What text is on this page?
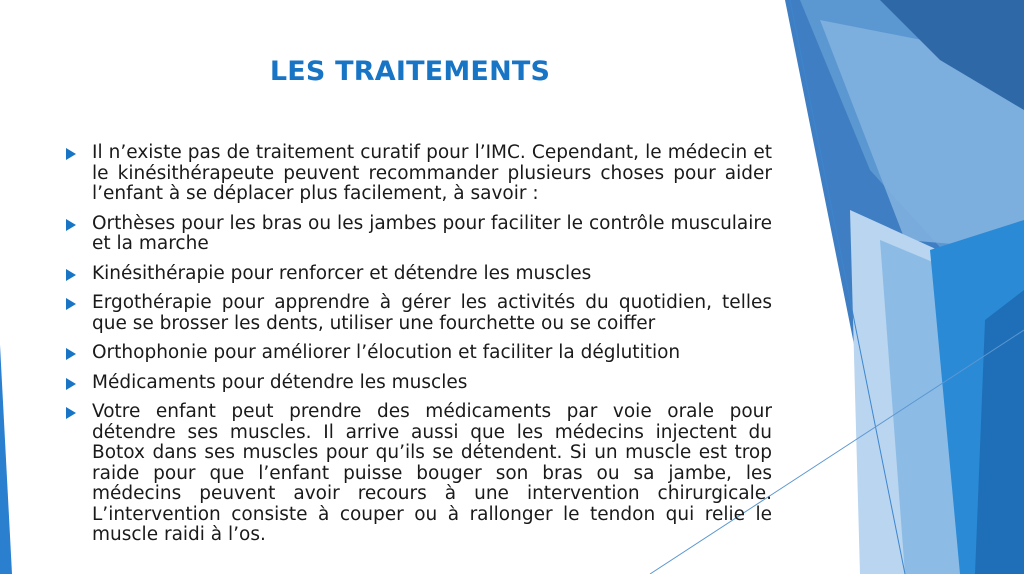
LES TRAITEMENTS
Il n’existe pas de traitement curatif pour l’IMC. Cependant, le médecin et le kinésithérapeute peuvent recommander plusieurs choses pour aider l’enfant à se déplacer plus facilement, à savoir :
Orthèses pour les bras ou les jambes pour faciliter le contrôle musculaire et la marche
Kinésithérapie pour renforcer et détendre les muscles
Ergothérapie pour apprendre à gérer les activités du quotidien, telles que se brosser les dents, utiliser une fourchette ou se coiffer
Orthophonie pour améliorer l’élocution et faciliter la déglutition
Médicaments pour détendre les muscles
Votre enfant peut prendre des médicaments par voie orale pour détendre ses muscles. Il arrive aussi que les médecins injectent du Botox dans ses muscles pour qu’ils se détendent. Si un muscle est trop raide pour que l’enfant puisse bouger son bras ou sa jambe, les médecins peuvent avoir recours à une intervention chirurgicale. L’intervention consiste à couper ou à rallonger le tendon qui relie le muscle raidi à l’os.
